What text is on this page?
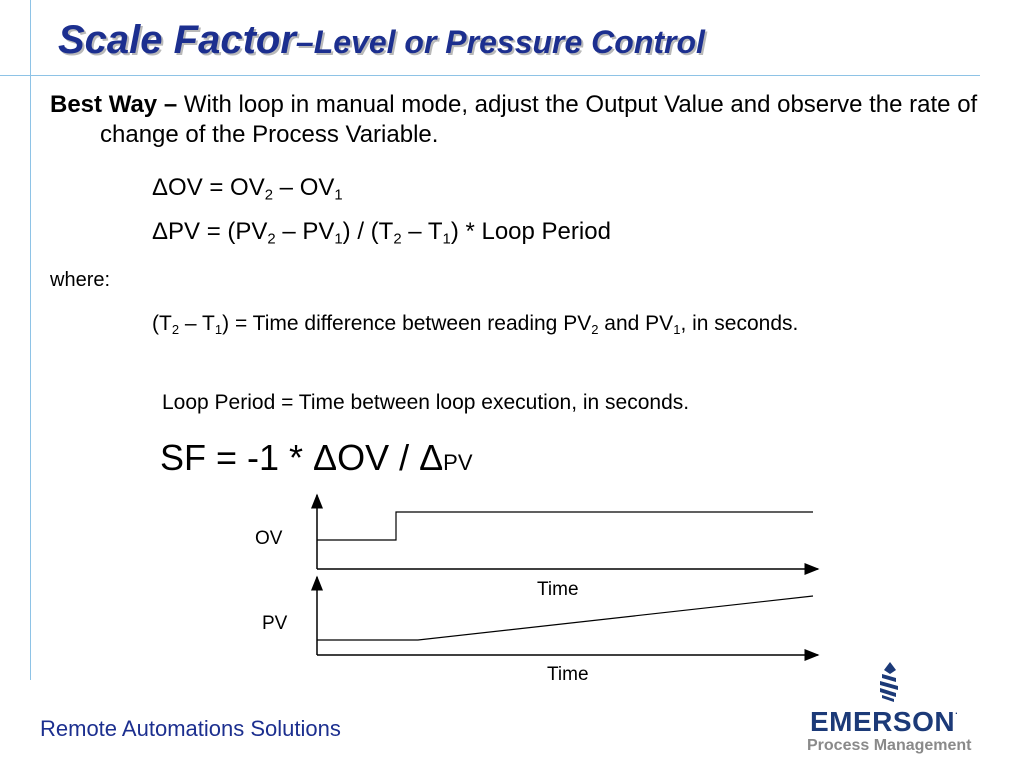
Scale Factor–Level or Pressure Control

Best Way – With loop in manual mode, adjust the Output Value and observe the rate of change of the Process Variable.

$\Delta OV = OV_2 - OV_1$

$\Delta PV = (PV_2 - PV_1) / (T_2 - T_1)$ * Loop Period

where:

$(T_2 - T_1)$ = Time difference between reading $PV_2$ and $PV_1$, in seconds.

Loop Period = Time between loop execution, in seconds.

SF = -1 * ΔOV / ΔPV

OV
Time
PV
Time
Remote Automations Solutions	EMERSON.
Process Management
